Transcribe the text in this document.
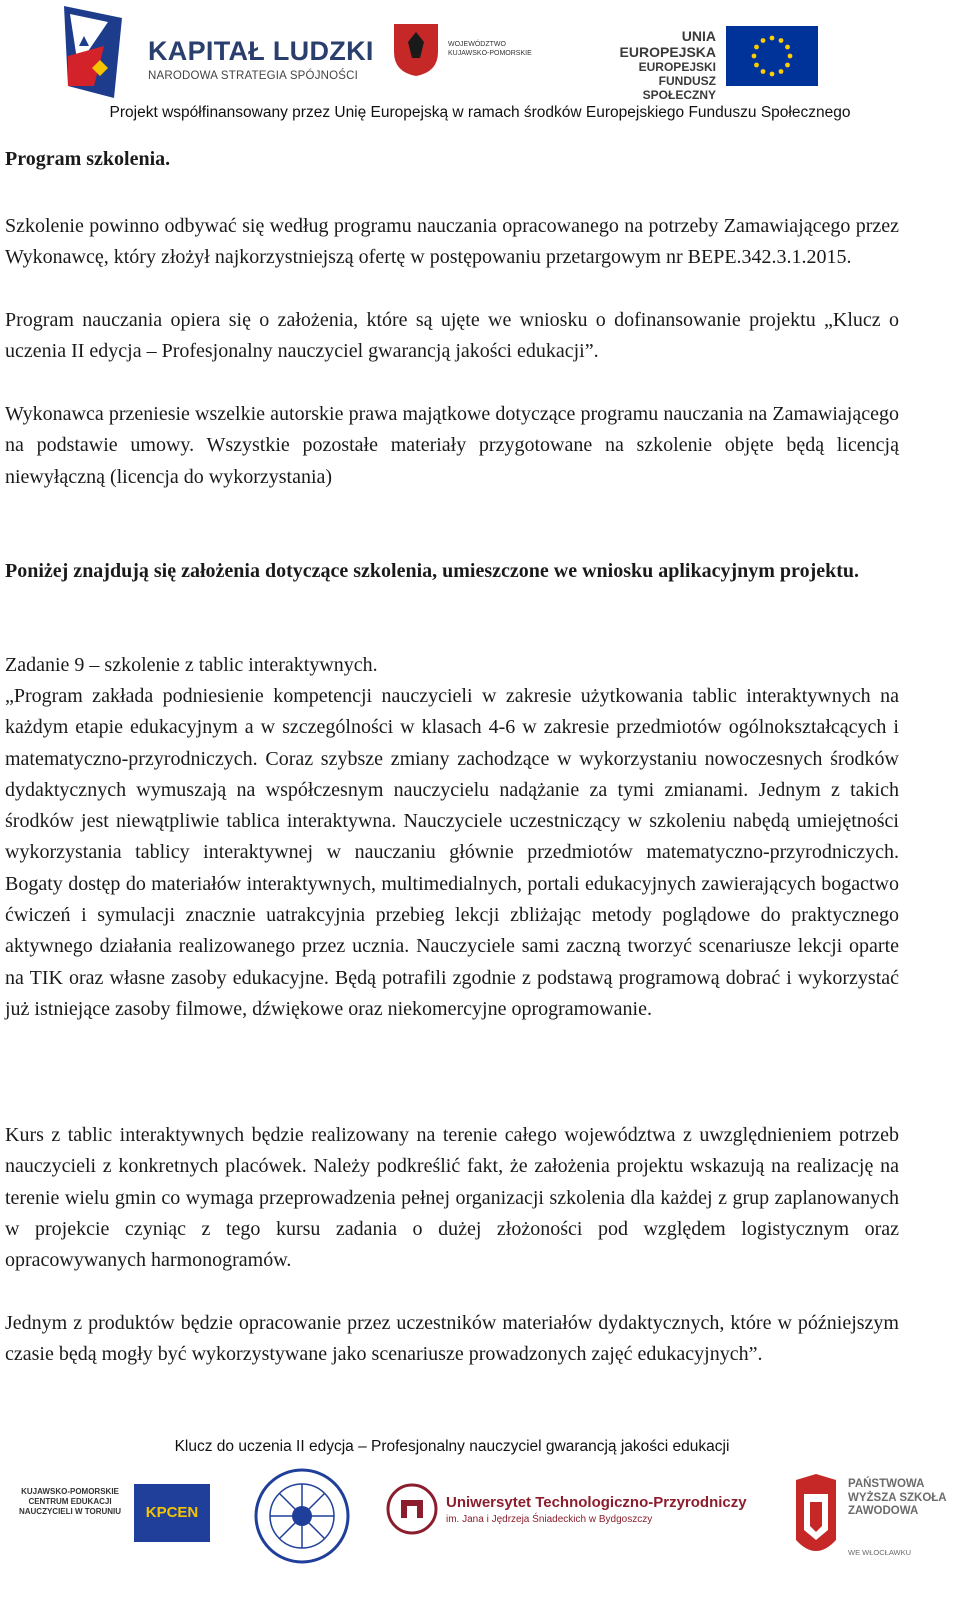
KAPITAŁ LUDZKI
NARODOWA STRATEGIA SPÓJNOŚCI
WOJEWÓDZTWO
KUJAWSKO-POMORSKIE
UNIA EUROPEJSKA
EUROPEJSKI
FUNDUSZ SPOŁECZNY
Projekt współfinansowany przez Unię Europejską w ramach środków Europejskiego Funduszu Społecznego
Program szkolenia.
Szkolenie powinno odbywać się według programu nauczania opracowanego na potrzeby Zamawiającego przez Wykonawcę, który złożył najkorzystniejszą ofertę w postępowaniu przetargowym nr BEPE.342.3.1.2015.
Program nauczania opiera się o założenia, które są ujęte we wniosku o dofinansowanie projektu „Klucz o uczenia II edycja – Profesjonalny nauczyciel gwarancją jakości edukacji”.
Wykonawca przeniesie wszelkie autorskie prawa majątkowe dotyczące programu nauczania na Zamawiającego na podstawie umowy. Wszystkie pozostałe materiały przygotowane na szkolenie objęte będą licencją niewyłączną (licencja do wykorzystania)
Poniżej znajdują się założenia dotyczące szkolenia, umieszczone we wniosku aplikacyjnym projektu.
Zadanie 9 – szkolenie z tablic interaktywnych.
„Program zakłada podniesienie kompetencji nauczycieli w zakresie użytkowania tablic interaktywnych na każdym etapie edukacyjnym a w szczególności w klasach 4-6 w zakresie przedmiotów ogólnokształcących i matematyczno-przyrodniczych. Coraz szybsze zmiany zachodzące w wykorzystaniu nowoczesnych środków dydaktycznych wymuszają na współczesnym nauczycielu nadążanie za tymi zmianami. Jednym z takich środków jest niewątpliwie tablica interaktywna. Nauczyciele uczestniczący w szkoleniu nabędą umiejętności wykorzystania tablicy interaktywnej w nauczaniu głównie przedmiotów matematyczno-przyrodniczych. Bogaty dostęp do materiałów interaktywnych, multimedialnych, portali edukacyjnych zawierających bogactwo ćwiczeń i symulacji znacznie uatrakcyjnia przebieg lekcji zbliżając metody poglądowe do praktycznego aktywnego działania realizowanego przez ucznia. Nauczyciele sami zaczną tworzyć scenariusze lekcji oparte na TIK oraz własne zasoby edukacyjne. Będą potrafili zgodnie z podstawą programową dobrać i wykorzystać już istniejące zasoby filmowe, dźwiękowe oraz niekomercyjne oprogramowanie.
Kurs z tablic interaktywnych będzie realizowany na terenie całego województwa z uwzględnieniem potrzeb nauczycieli z konkretnych placówek. Należy podkreślić fakt, że założenia projektu wskazują na realizację na terenie wielu gmin co wymaga przeprowadzenia pełnej organizacji szkolenia dla każdej z grup zaplanowanych w projekcie czyniąc z tego kursu zadania o dużej złożoności pod względem logistycznym oraz opracowywanych harmonogramów.
Jednym z produktów będzie opracowanie przez uczestników materiałów dydaktycznych, które w późniejszym czasie będą mogły być wykorzystywane jako scenariusze prowadzonych zajęć edukacyjnych”.
Klucz do uczenia II edycja – Profesjonalny nauczyciel gwarancją jakości edukacji
KUJAWSKO-POMORSKIE CENTRUM EDUKACJI NAUCZYCIELI W TORUNIU	KPCEN
Uniwersytet Technologiczno-Przyrodniczy
im. Jana i Jędrzeja Śniadeckich w Bydgoszczy
PAŃSTWOWA WYŻSZA SZKOŁA ZAWODOWA
WE WŁOCŁAWKU
